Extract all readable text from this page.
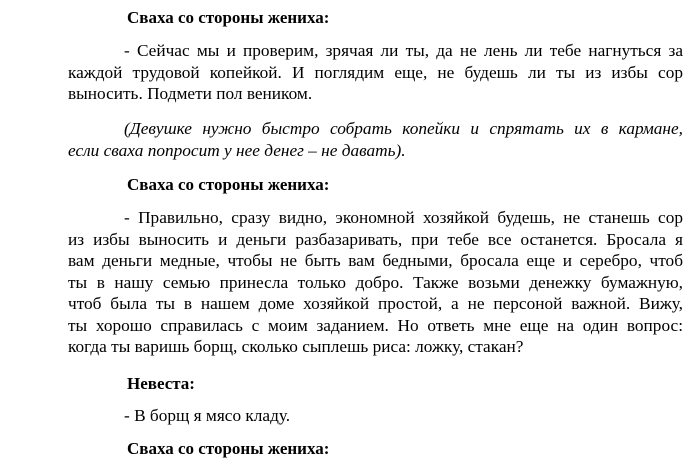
Сваха со стороны жениха:
- Сейчас мы и проверим, зрячая ли ты, да не лень ли тебе нагнуться за
каждой трудовой копейкой. И поглядим еще, не будешь ли ты из избы сор
выносить. Подмети пол веником.
(Девушке нужно быстро собрать копейки и спрятать их в кармане,
если сваха попросит у нее денег – не давать).
Сваха со стороны жениха:
- Правильно, сразу видно, экономной хозяйкой будешь, не станешь сор
из избы выносить и деньги разбазаривать, при тебе все останется. Бросала я
вам деньги медные, чтобы не быть вам бедными, бросала еще и серебро, чтоб
ты в нашу семью принесла только добро. Также возьми денежку бумажную,
чтоб была ты в нашем доме хозяйкой простой, а не персоной важной. Вижу,
ты хорошо справилась с моим заданием. Но ответь мне еще на один вопрос:
когда ты варишь борщ, сколько сыплешь риса: ложку, стакан?
Невеста:
- В борщ я мясо кладу.
Сваха со стороны жениха:
